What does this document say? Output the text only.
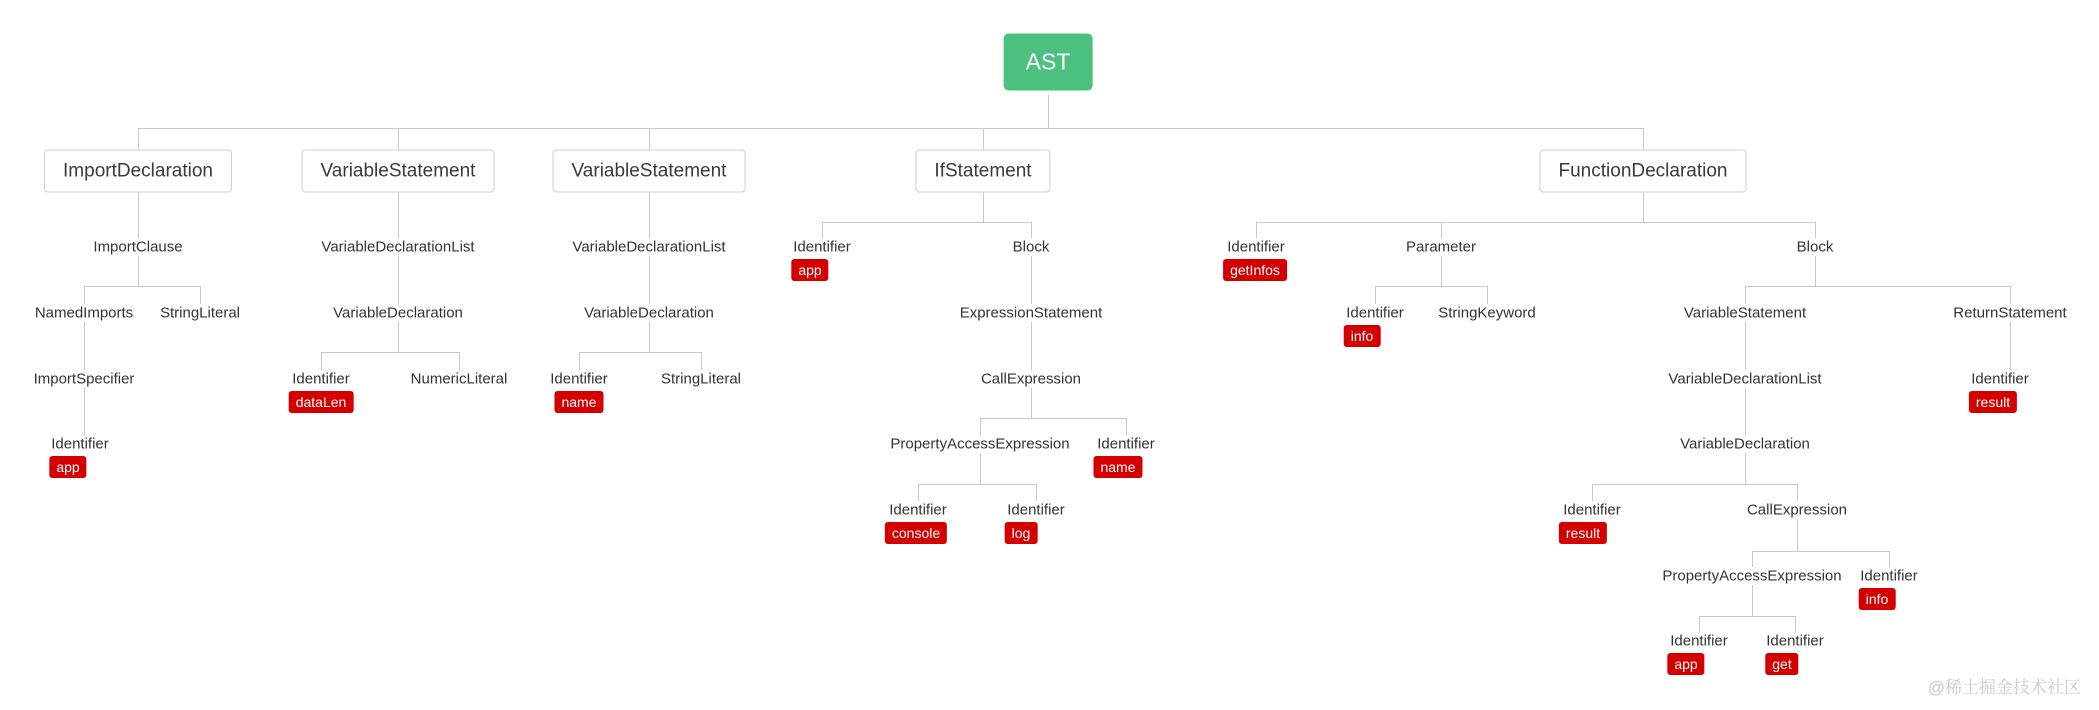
AST
ImportDeclaration	VariableStatement	VariableStatement	IfStatement	FunctionDeclaration
ImportClause
NamedImports StringLiteral
ImportSpecifier
Identifier
VariableDeclarationList
VariableDeclaration
Identifier	NumericLiteral
VariableDeclarationList
VariableDeclaration
Identifier	StringLiteral
Identifier	Block
ExpressionStatement
CallExpression
PropertyAccessExpression Identifier
Identifier	Identifier
Identifier	Parameter
Identifier StringKeyword
Block
VariableStatement	ReturnStatement
Identifier
VariableDeclarationList
VariableDeclaration
Identifier	CallExpression
PropertyAccessExpression Identifier
Identifier	Identifier
app
dataLen	name
app
console	log
name
getInfos
info
result
result
app	get
info
@稀土掘金技术社区
